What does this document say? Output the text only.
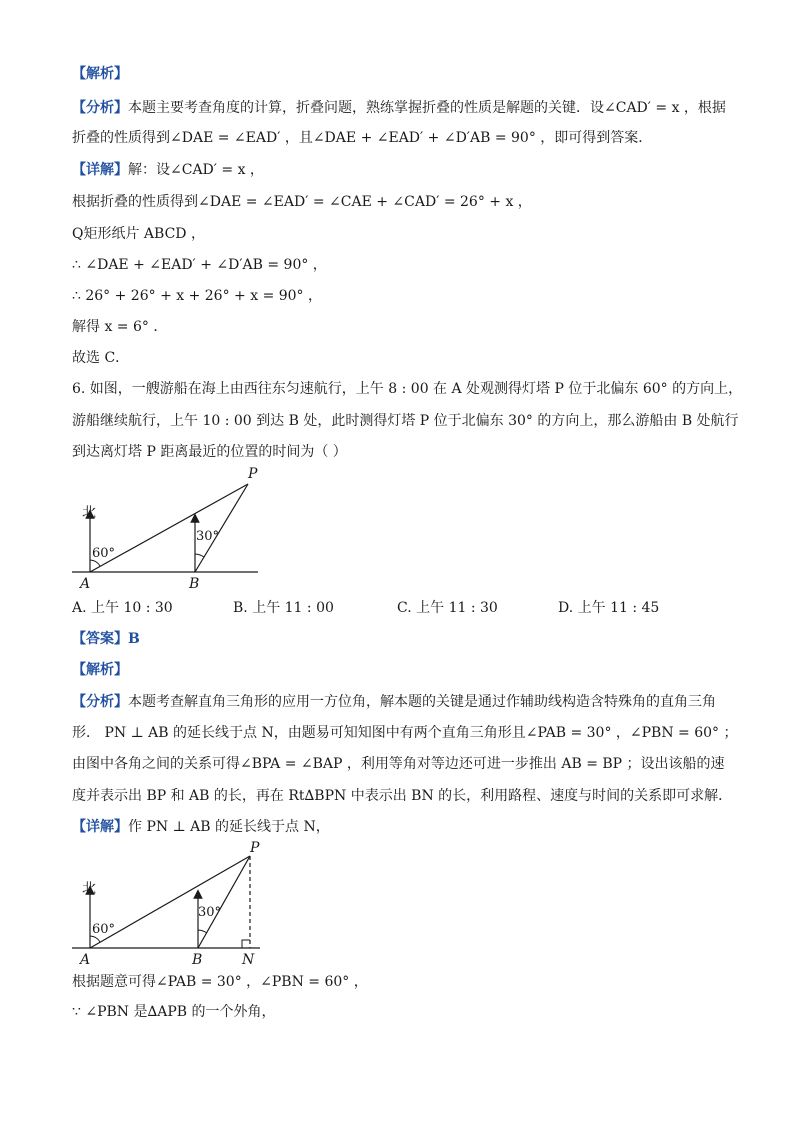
【解析】
【分析】本题主要考查角度的计算，折叠问题，熟练掌握折叠的性质是解题的关键．设∠CAD′ = x ，根据
折叠的性质得到∠DAE = ∠EAD′ ，且∠DAE + ∠EAD′ + ∠D′AB = 90° ，即可得到答案．
【详解】解：设∠CAD′ = x ，
根据折叠的性质得到∠DAE = ∠EAD′ = ∠CAE + ∠CAD′ = 26° + x ，
Q矩形纸片 ABCD ，
∴ ∠DAE + ∠EAD′ + ∠D′AB = 90° ，
∴ 26° + 26° + x + 26° + x = 90° ，
解得 x = 6° ．
故选 C．
6. 如图，一艘游船在海上由西往东匀速航行，上午 8 : 00 在 A 处观测得灯塔 P 位于北偏东 60° 的方向上，
游船继续航行，上午 10 : 00 到达 B 处，此时测得灯塔 P 位于北偏东 30° 的方向上，那么游船由 B 处航行
到达离灯塔 P 距离最近的位置的时间为（ ）
北
60°
30°
A	B
P
A. 上午 10 : 30	B. 上午 11 : 00	C. 上午 11 : 30	D. 上午 11 : 45
【答案】B
【解析】
【分析】本题考查解直角三角形的应用一方位角，解本题的关键是通过作辅助线构造含特殊角的直角三角
形． PN ⊥ AB 的延长线于点 N，由题易可知知图中有两个直角三角形且∠PAB = 30° ，∠PBN = 60° ；
由图中各角之间的关系可得∠BPA = ∠BAP ，利用等角对等边还可进一步推出 AB = BP ；设出该船的速
度并表示出 BP 和 AB 的长，再在 Rt∆BPN 中表示出 BN 的长，利用路程、速度与时间的关系即可求解．
【详解】作 PN ⊥ AB 的延长线于点 N，
北
60°
30°
A	B	N
P
根据题意可得∠PAB = 30° ，∠PBN = 60° ，
∵ ∠PBN 是∆APB 的一个外角，
